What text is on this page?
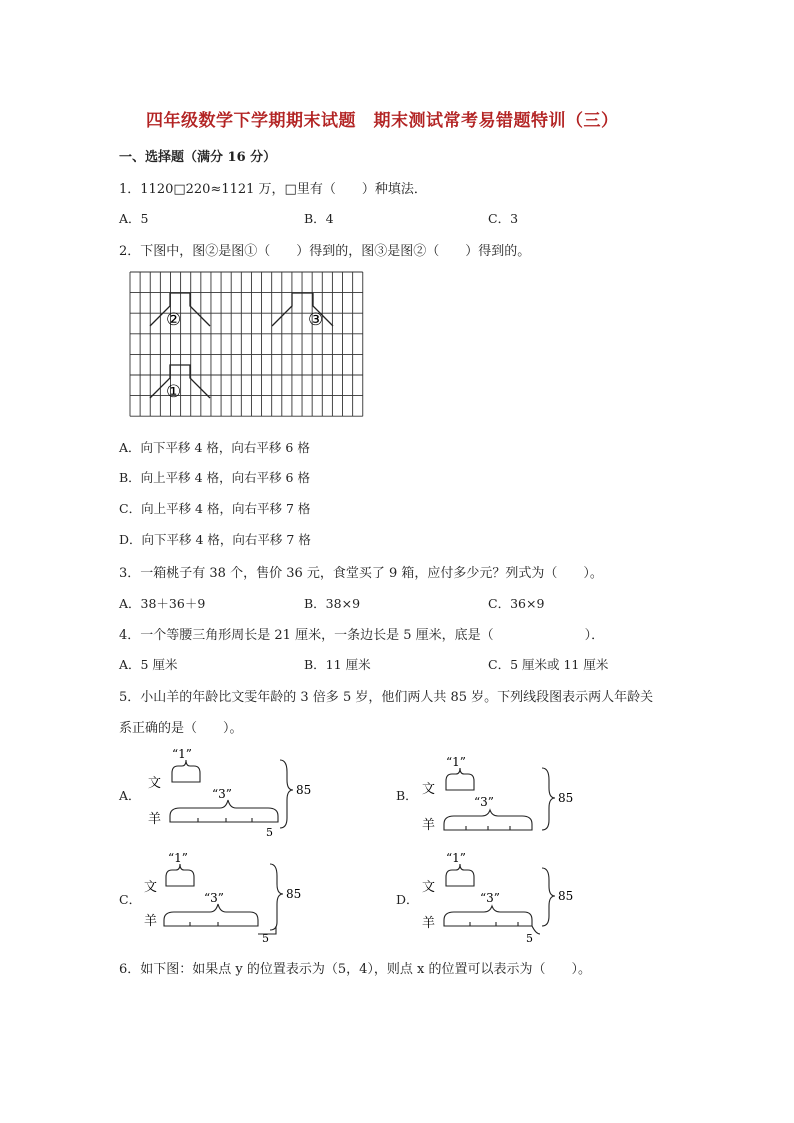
四年级数学下学期期末试题　期末测试常考易错题特训（三）
一、选择题（满分 16 分）
1．1120□220≈1121 万，□里有（　　）种填法．
A．5	B．4	C．3
2．下图中，图②是图①（　　）得到的，图③是图②（　　）得到的。
②	③
①
A．向下平移 4 格，向右平移 6 格
B．向上平移 4 格，向右平移 6 格
C．向上平移 4 格，向右平移 7 格
D．向下平移 4 格，向右平移 7 格
3．一箱桃子有 38 个，售价 36 元，食堂买了 9 箱，应付多少元？列式为（　　）。
A．38＋36＋9	B．38×9	C．36×9
4．一个等腰三角形周长是 21 厘米，一条边长是 5 厘米，底是（　　　　　　　）．
A．5 厘米	B．11 厘米	C．5 厘米或 11 厘米
5．小山羊的年龄比文雯年龄的 3 倍多 5 岁，他们两人共 85 岁。下列线段图表示两人年龄关
系正确的是（　　）。
A．	B．
C．	D．
“1”
文
“3”
羊
5
85
“1”
文
“3”
羊
85
“1”
文
“3”
羊
5
85
“1”
文
“3”
羊
5
85
6．如下图：如果点 y 的位置表示为（5，4），则点 x 的位置可以表示为（　　）。
